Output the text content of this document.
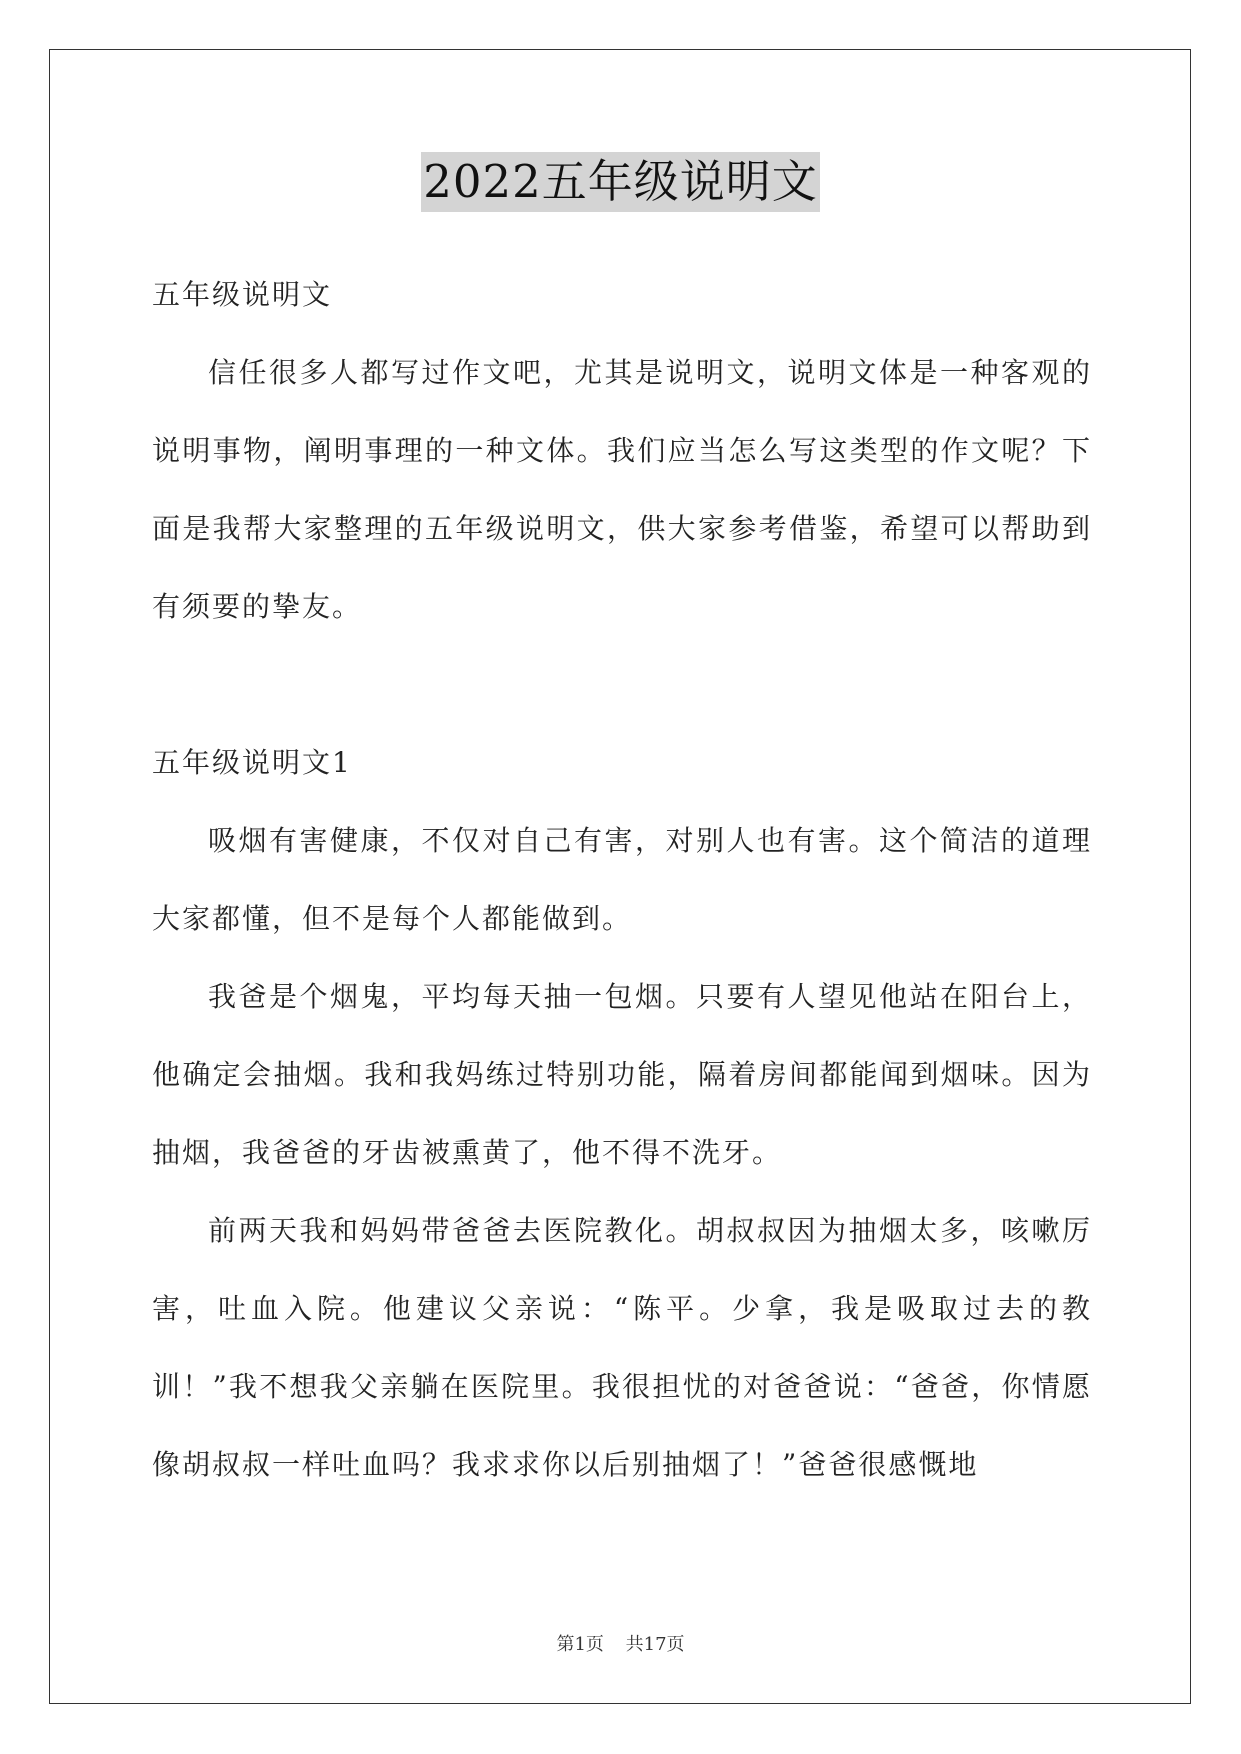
2022五年级说明文

五年级说明文

信任很多人都写过作文吧，尤其是说明文，说明文体是一种客观的说明事物，阐明事理的一种文体。我们应当怎么写这类型的作文呢？下面是我帮大家整理的五年级说明文，供大家参考借鉴，希望可以帮助到有须要的挚友。

五年级说明文1

吸烟有害健康，不仅对自己有害，对别人也有害。这个简洁的道理大家都懂，但不是每个人都能做到。

我爸是个烟鬼，平均每天抽一包烟。只要有人望见他站在阳台上，他确定会抽烟。我和我妈练过特别功能，隔着房间都能闻到烟味。因为抽烟，我爸爸的牙齿被熏黄了，他不得不洗牙。

前两天我和妈妈带爸爸去医院教化。胡叔叔因为抽烟太多，咳嗽厉害，吐血入院。他建议父亲说：“陈平。少拿，我是吸取过去的教训！”我不想我父亲躺在医院里。我很担忧的对爸爸说：“爸爸，你情愿像胡叔叔一样吐血吗？我求求你以后别抽烟了！”爸爸很感慨地

第1页 共17页
